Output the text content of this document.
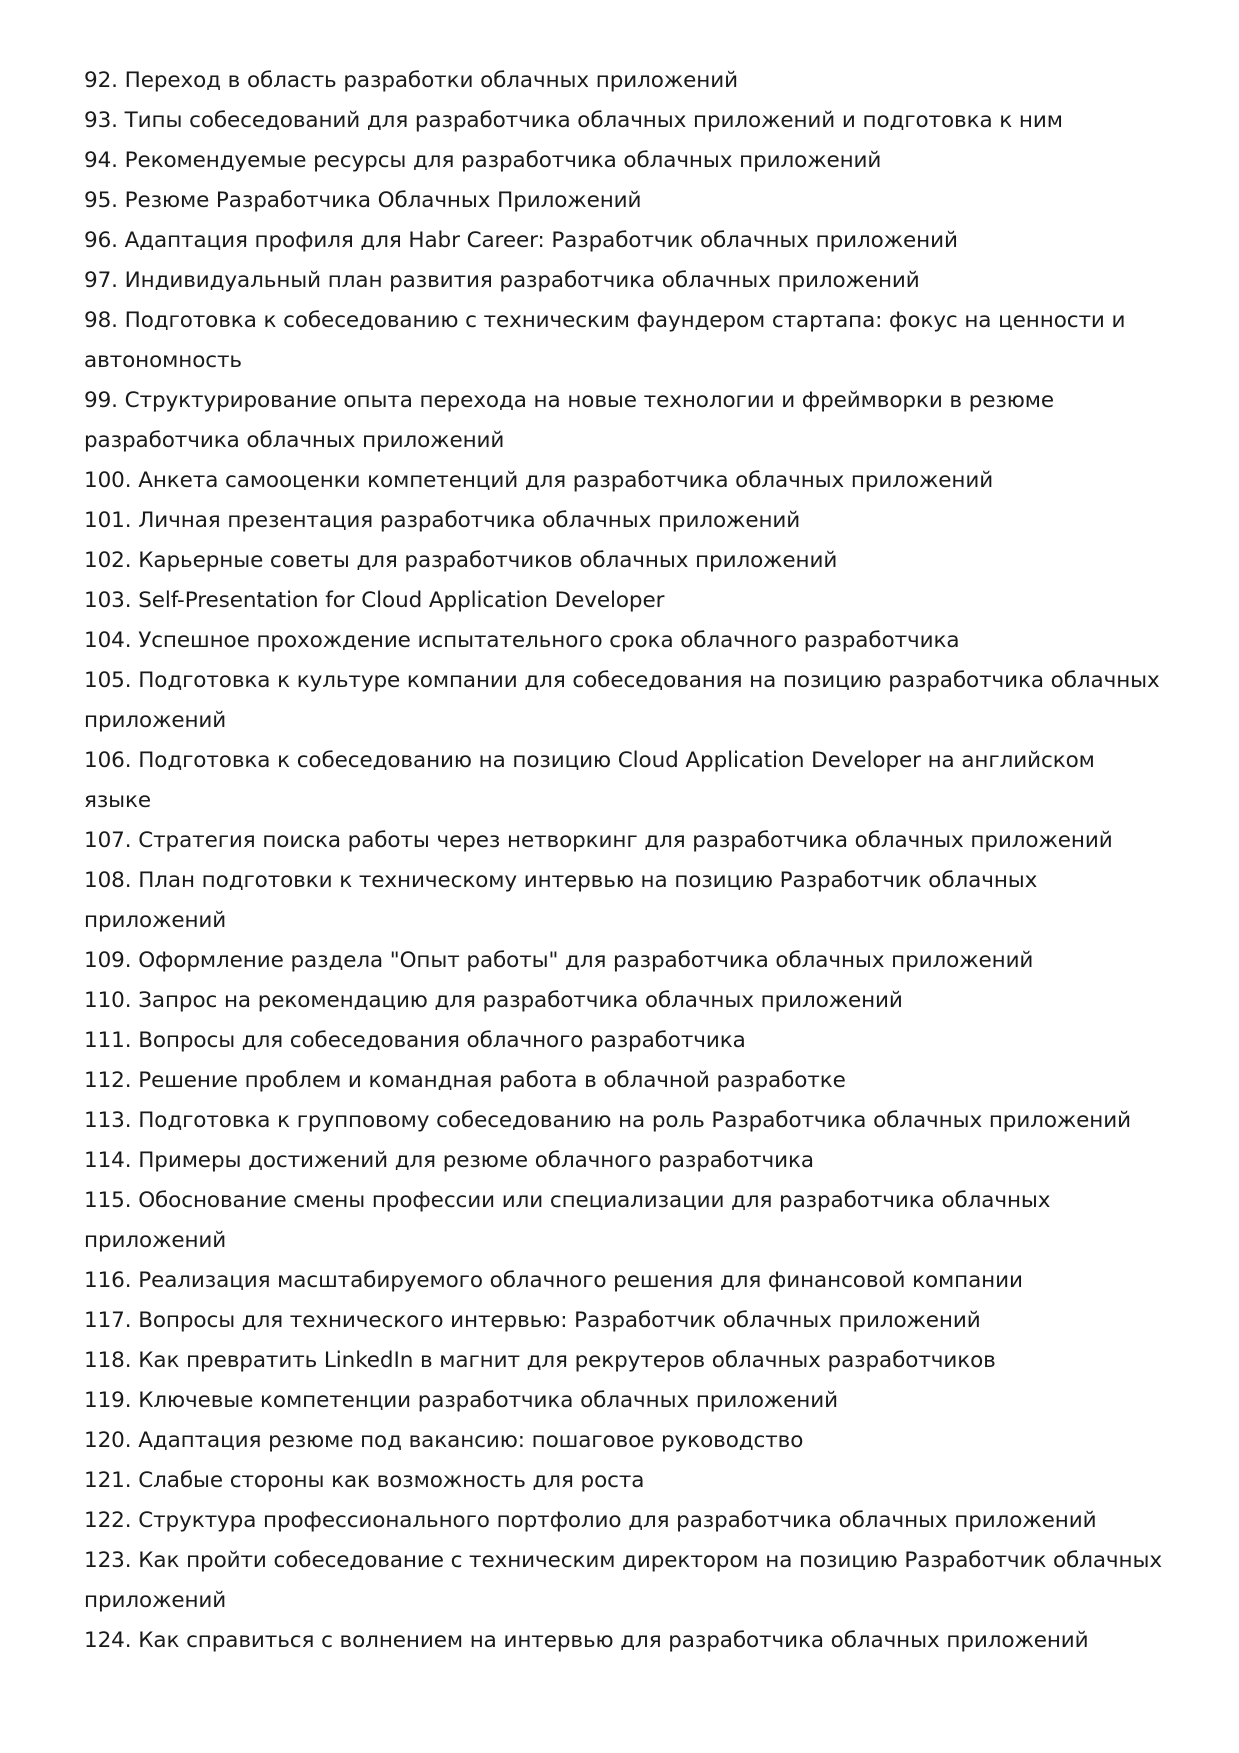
92. Переход в область разработки облачных приложений
93. Типы собеседований для разработчика облачных приложений и подготовка к ним
94. Рекомендуемые ресурсы для разработчика облачных приложений
95. Резюме Разработчика Облачных Приложений
96. Адаптация профиля для Habr Career: Разработчик облачных приложений
97. Индивидуальный план развития разработчика облачных приложений
98. Подготовка к собеседованию с техническим фаундером стартапа: фокус на ценности и автономность
99. Структурирование опыта перехода на новые технологии и фреймворки в резюме разработчика облачных приложений
100. Анкета самооценки компетенций для разработчика облачных приложений
101. Личная презентация разработчика облачных приложений
102. Карьерные советы для разработчиков облачных приложений
103. Self-Presentation for Cloud Application Developer
104. Успешное прохождение испытательного срока облачного разработчика
105. Подготовка к культуре компании для собеседования на позицию разработчика облачных приложений
106. Подготовка к собеседованию на позицию Cloud Application Developer на английском языке
107. Стратегия поиска работы через нетворкинг для разработчика облачных приложений
108. План подготовки к техническому интервью на позицию Разработчик облачных приложений
109. Оформление раздела "Опыт работы" для разработчика облачных приложений
110. Запрос на рекомендацию для разработчика облачных приложений
111. Вопросы для собеседования облачного разработчика
112. Решение проблем и командная работа в облачной разработке
113. Подготовка к групповому собеседованию на роль Разработчика облачных приложений
114. Примеры достижений для резюме облачного разработчика
115. Обоснование смены профессии или специализации для разработчика облачных приложений
116. Реализация масштабируемого облачного решения для финансовой компании
117. Вопросы для технического интервью: Разработчик облачных приложений
118. Как превратить LinkedIn в магнит для рекрутеров облачных разработчиков
119. Ключевые компетенции разработчика облачных приложений
120. Адаптация резюме под вакансию: пошаговое руководство
121. Слабые стороны как возможность для роста
122. Структура профессионального портфолио для разработчика облачных приложений
123. Как пройти собеседование с техническим директором на позицию Разработчик облачных приложений
124. Как справиться с волнением на интервью для разработчика облачных приложений
